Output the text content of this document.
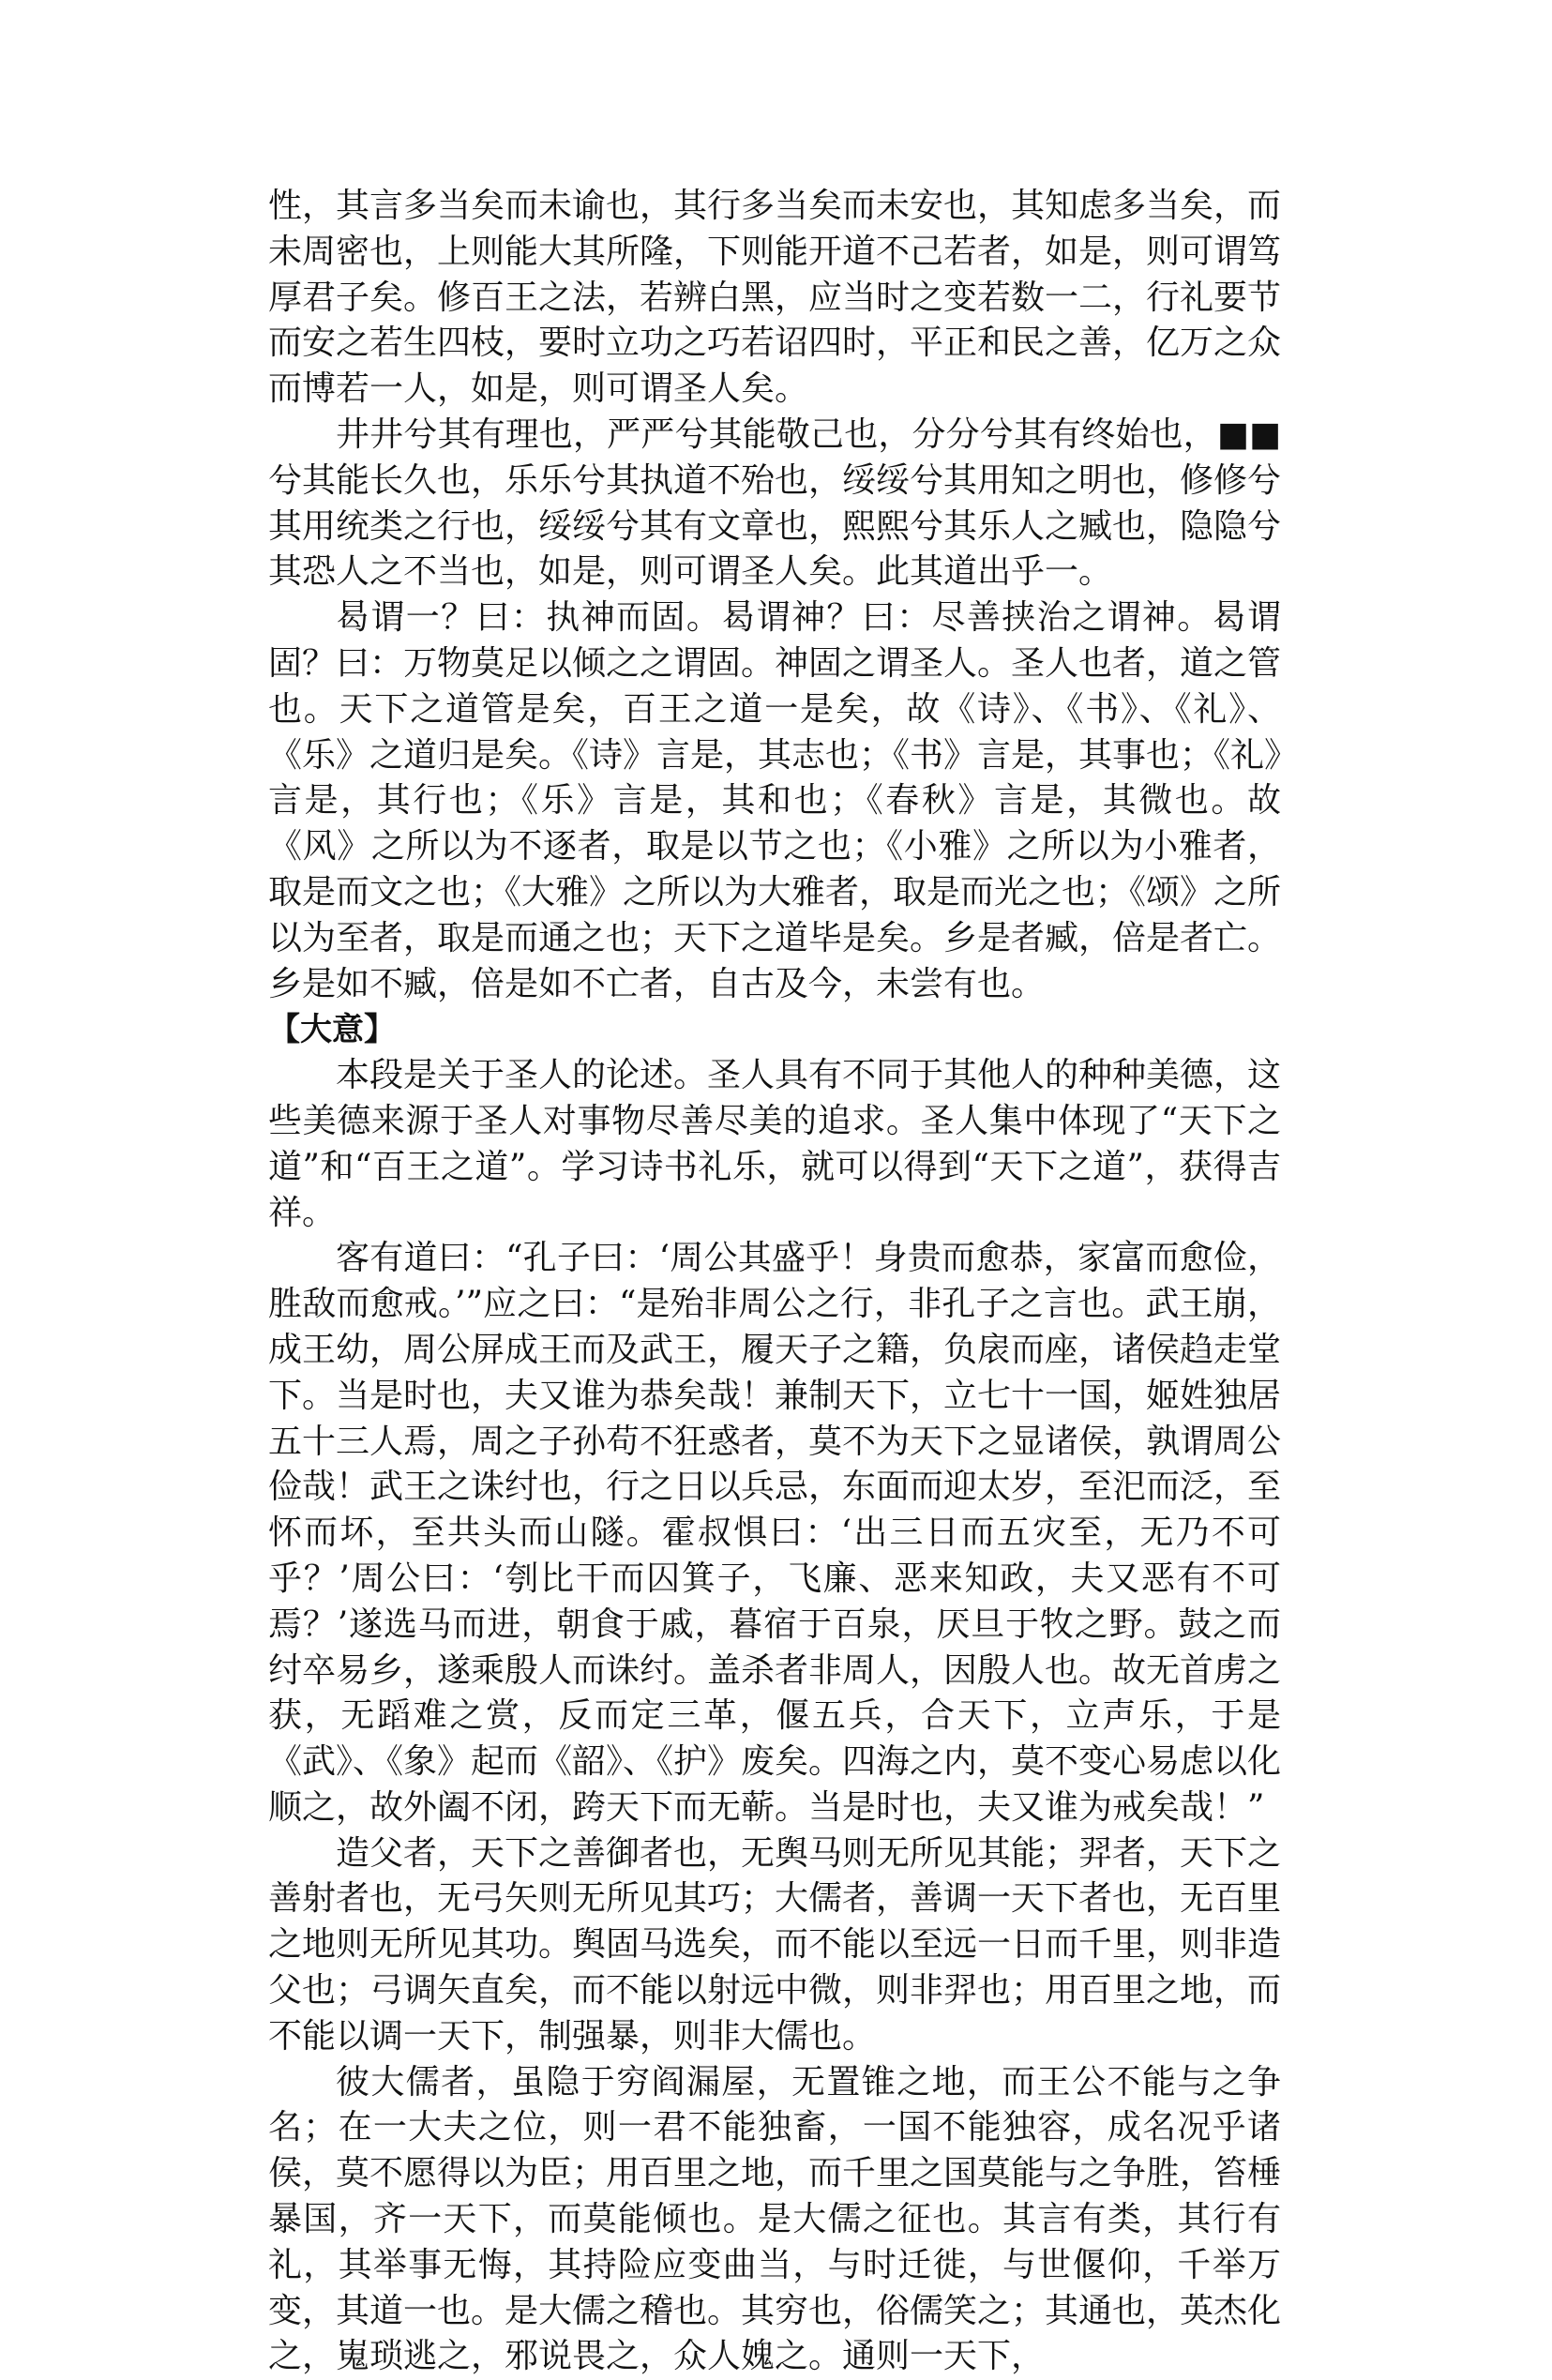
性，其言多当矣而未谕也，其行多当矣而未安也，其知虑多当矣，而未周密也，上则能大其所隆，下则能开道不己若者，如是，则可谓笃厚君子矣。修百王之法，若辨白黑，应当时之变若数一二，行礼要节而安之若生四枝，要时立功之巧若诏四时，平正和民之善，亿万之众而博若一人，如是，则可谓圣人矣。

井井兮其有理也，严严兮其能敬己也，分分兮其有终始也，■■兮其能长久也，乐乐兮其执道不殆也，绥绥兮其用知之明也，修修兮其用统类之行也，绥绥兮其有文章也，熙熙兮其乐人之臧也，隐隐兮其恐人之不当也，如是，则可谓圣人矣。此其道出乎一。

曷谓一？曰：执神而固。曷谓神？曰：尽善挟治之谓神。曷谓固？曰：万物莫足以倾之之谓固。神固之谓圣人。圣人也者，道之管也。天下之道管是矣，百王之道一是矣，故《诗》、《书》、《礼》、《乐》之道归是矣。《诗》言是，其志也；《书》言是，其事也；《礼》言是，其行也；《乐》言是，其和也；《春秋》言是，其微也。故《风》之所以为不逐者，取是以节之也；《小雅》之所以为小雅者，取是而文之也；《大雅》之所以为大雅者，取是而光之也；《颂》之所以为至者，取是而通之也；天下之道毕是矣。乡是者臧，倍是者亡。乡是如不臧，倍是如不亡者，自古及今，未尝有也。

【大意】

本段是关于圣人的论述。圣人具有不同于其他人的种种美德，这些美德来源于圣人对事物尽善尽美的追求。圣人集中体现了“天下之道”和“百王之道”。学习诗书礼乐，就可以得到“天下之道”，获得吉祥。

客有道曰：“孔子曰：‘周公其盛乎！身贵而愈恭，家富而愈俭，胜敌而愈戒。’”应之曰：“是殆非周公之行，非孔子之言也。武王崩，成王幼，周公屏成王而及武王，履天子之籍，负扆而座，诸侯趋走堂下。当是时也，夫又谁为恭矣哉！兼制天下，立七十一国，姬姓独居五十三人焉，周之子孙苟不狂惑者，莫不为天下之显诸侯，孰谓周公俭哉！武王之诛纣也，行之日以兵忌，东面而迎太岁，至汜而泛，至怀而坏，至共头而山隧。霍叔惧曰：‘出三日而五灾至，无乃不可乎？’周公曰：‘刳比干而囚箕子，飞廉、恶来知政，夫又恶有不可焉？’遂选马而进，朝食于戚，暮宿于百泉，厌旦于牧之野。鼓之而纣卒易乡，遂乘殷人而诛纣。盖杀者非周人，因殷人也。故无首虏之获，无蹈难之赏，反而定三革，偃五兵，合天下，立声乐，于是《武》、《象》起而《韶》、《护》废矣。四海之内，莫不变心易虑以化顺之，故外阖不闭，跨天下而无蕲。当是时也，夫又谁为戒矣哉！”

造父者，天下之善御者也，无舆马则无所见其能；羿者，天下之善射者也，无弓矢则无所见其巧；大儒者，善调一天下者也，无百里之地则无所见其功。舆固马选矣，而不能以至远一日而千里，则非造父也；弓调矢直矣，而不能以射远中微，则非羿也；用百里之地，而不能以调一天下，制强暴，则非大儒也。

彼大儒者，虽隐于穷阎漏屋，无置锥之地，而王公不能与之争名；在一大夫之位，则一君不能独畜，一国不能独容，成名况乎诸侯，莫不愿得以为臣；用百里之地，而千里之国莫能与之争胜，笞棰暴国，齐一天下，而莫能倾也。是大儒之征也。其言有类，其行有礼，其举事无悔，其持险应变曲当，与时迁徙，与世偃仰，千举万变，其道一也。是大儒之稽也。其穷也，俗儒笑之；其通也，英杰化之，嵬琐逃之，邪说畏之，众人媿之。通则一天下，
